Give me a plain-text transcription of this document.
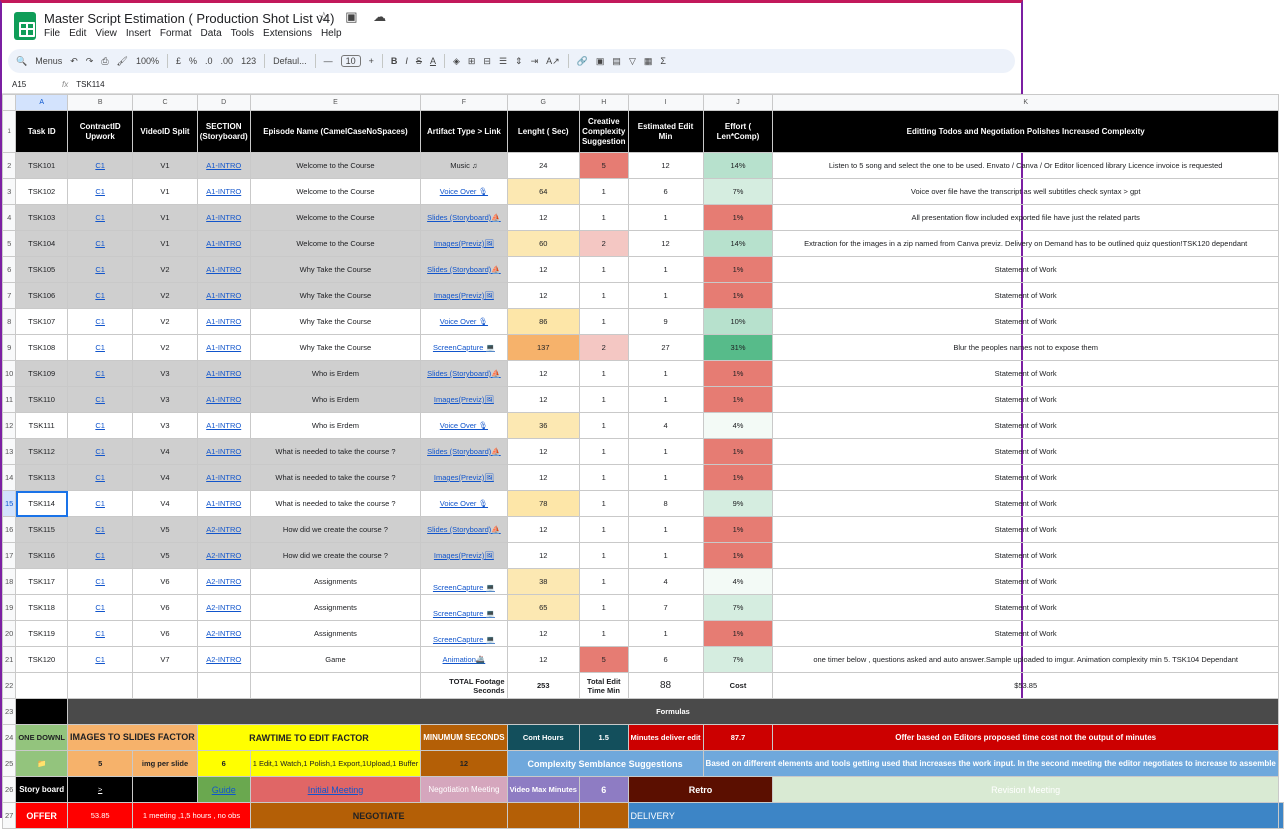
Master Script Estimation ( Production Shot List v4)
☆ ▣ ☁
File Edit View Insert Format Data Tools Extensions Help
🔍 Menus ↶ ↷ ⎙ 🖌 100% £ % .0 .00 123 Defaul... —	10	+ B I S A ◈ ⊞ ⊟ ☰ ⇕ ⇥ A↗ 🔗 ▣ ▤ ▽ ▦ Σ
A15	fx TSK114
	A	B	C	D	E	F	G	H	I	J	K	
1	Task ID	ContractID Upwork	VideoID Split	SECTION (Storyboard)	Episode Name (CamelCaseNoSpaces)	Artifact Type > Link	Lenght ( Sec)	Creative Complexity Suggestion	Estimated Edit Min	Effort ( Len*Comp)	Editting Todos and Negotiation Polishes Increased Complexity	
2	TSK101	C1	V1	A1-INTRO	Welcome to the Course	Music ♫	24	5	12	14%	Listen to 5 song and select the one to be used. Envato / Canva / Or Editor licenced library Licence invoice is requested	
3	TSK102	C1	V1	A1-INTRO	Welcome to the Course	Voice Over 🎙	64	1	6	7%	Voice over file have the transcript as well subtitles check syntax > gpt	
4	TSK103	C1	V1	A1-INTRO	Welcome to the Course	Slides (Storyboard)⛵	12	1	1	1%	All presentation flow included exported file have just the related parts	
5	TSK104	C1	V1	A1-INTRO	Welcome to the Course	Images(Previz)🖼	60	2	12	14%	Extraction for the images in a zip named from Canva previz. Delivery on Demand has to be outlined quiz question!TSK120 dependant	
6	TSK105	C1	V2	A1-INTRO	Why Take the Course	Slides (Storyboard)⛵	12	1	1	1%	Statement of Work	
7	TSK106	C1	V2	A1-INTRO	Why Take the Course	Images(Previz)🖼	12	1	1	1%	Statement of Work	
8	TSK107	C1	V2	A1-INTRO	Why Take the Course	Voice Over 🎙	86	1	9	10%	Statement of Work	
9	TSK108	C1	V2	A1-INTRO	Why Take the Course	ScreenCapture 💻	137	2	27	31%	Blur the peoples names not to expose them	
10	TSK109	C1	V3	A1-INTRO	Who is Erdem	Slides (Storyboard)⛵	12	1	1	1%	Statement of Work	
11	TSK110	C1	V3	A1-INTRO	Who is Erdem	Images(Previz)🖼	12	1	1	1%	Statement of Work	
12	TSK111	C1	V3	A1-INTRO	Who is Erdem	Voice Over 🎙	36	1	4	4%	Statement of Work	
13	TSK112	C1	V4	A1-INTRO	What is needed to take the course ?	Slides (Storyboard)⛵	12	1	1	1%	Statement of Work	
14	TSK113	C1	V4	A1-INTRO	What is needed to take the course ?	Images(Previz)🖼	12	1	1	1%	Statement of Work	
15	TSK114	C1	V4	A1-INTRO	What is needed to take the course ?	Voice Over 🎙	78	1	8	9%	Statement of Work	
16	TSK115	C1	V5	A2-INTRO	How did we create the course ?	Slides (Storyboard)⛵	12	1	1	1%	Statement of Work	
17	TSK116	C1	V5	A2-INTRO	How did we create the course ?	Images(Previz)🖼	12	1	1	1%	Statement of Work	
18	TSK117	C1	V6	A2-INTRO	Assignments	ScreenCapture 💻	38	1	4	4%	Statement of Work	
19	TSK118	C1	V6	A2-INTRO	Assignments	ScreenCapture 💻	65	1	7	7%	Statement of Work	
20	TSK119	C1	V6	A2-INTRO	Assignments	ScreenCapture 💻	12	1	1	1%	Statement of Work	
21	TSK120	C1	V7	A2-INTRO	Game	Animation🚢	12	5	6	7%	one timer below , questions asked and auto answer.Sample uploaded to imgur. Animation complexity min 5. TSK104 Dependant	
22						TOTAL Footage Seconds	253	Total Edit Time Min	88	Cost	$53.85	
23		Formulas										
24	ONE DOWNL	IMAGES TO SLIDES FACTOR		RAWTIME TO EDIT FACTOR		MINUMUM SECONDS	Cont Hours	1.5	Minutes deliver edit	87.7	Offer based on Editors proposed time cost not the output of minutes	
25	📁	5	img per slide	6	1 Edit,1 Watch,1 Polish,1 Export,1Upload,1 Buffer	12	Complexity Semblance Suggestions			Based on different elements and tools getting used that increases the work input. In the second meeting the editor negotiates to increase to assemble		
26	Story board	>		Guide	Initial Meeting	Negotiation Meeting	Video Max Minutes	6	Retro		Revision Meeting	
27	OFFER	53.85	1 meeting ,1,5 hours , no obs		NEGOTIATE				DELIVERY			
